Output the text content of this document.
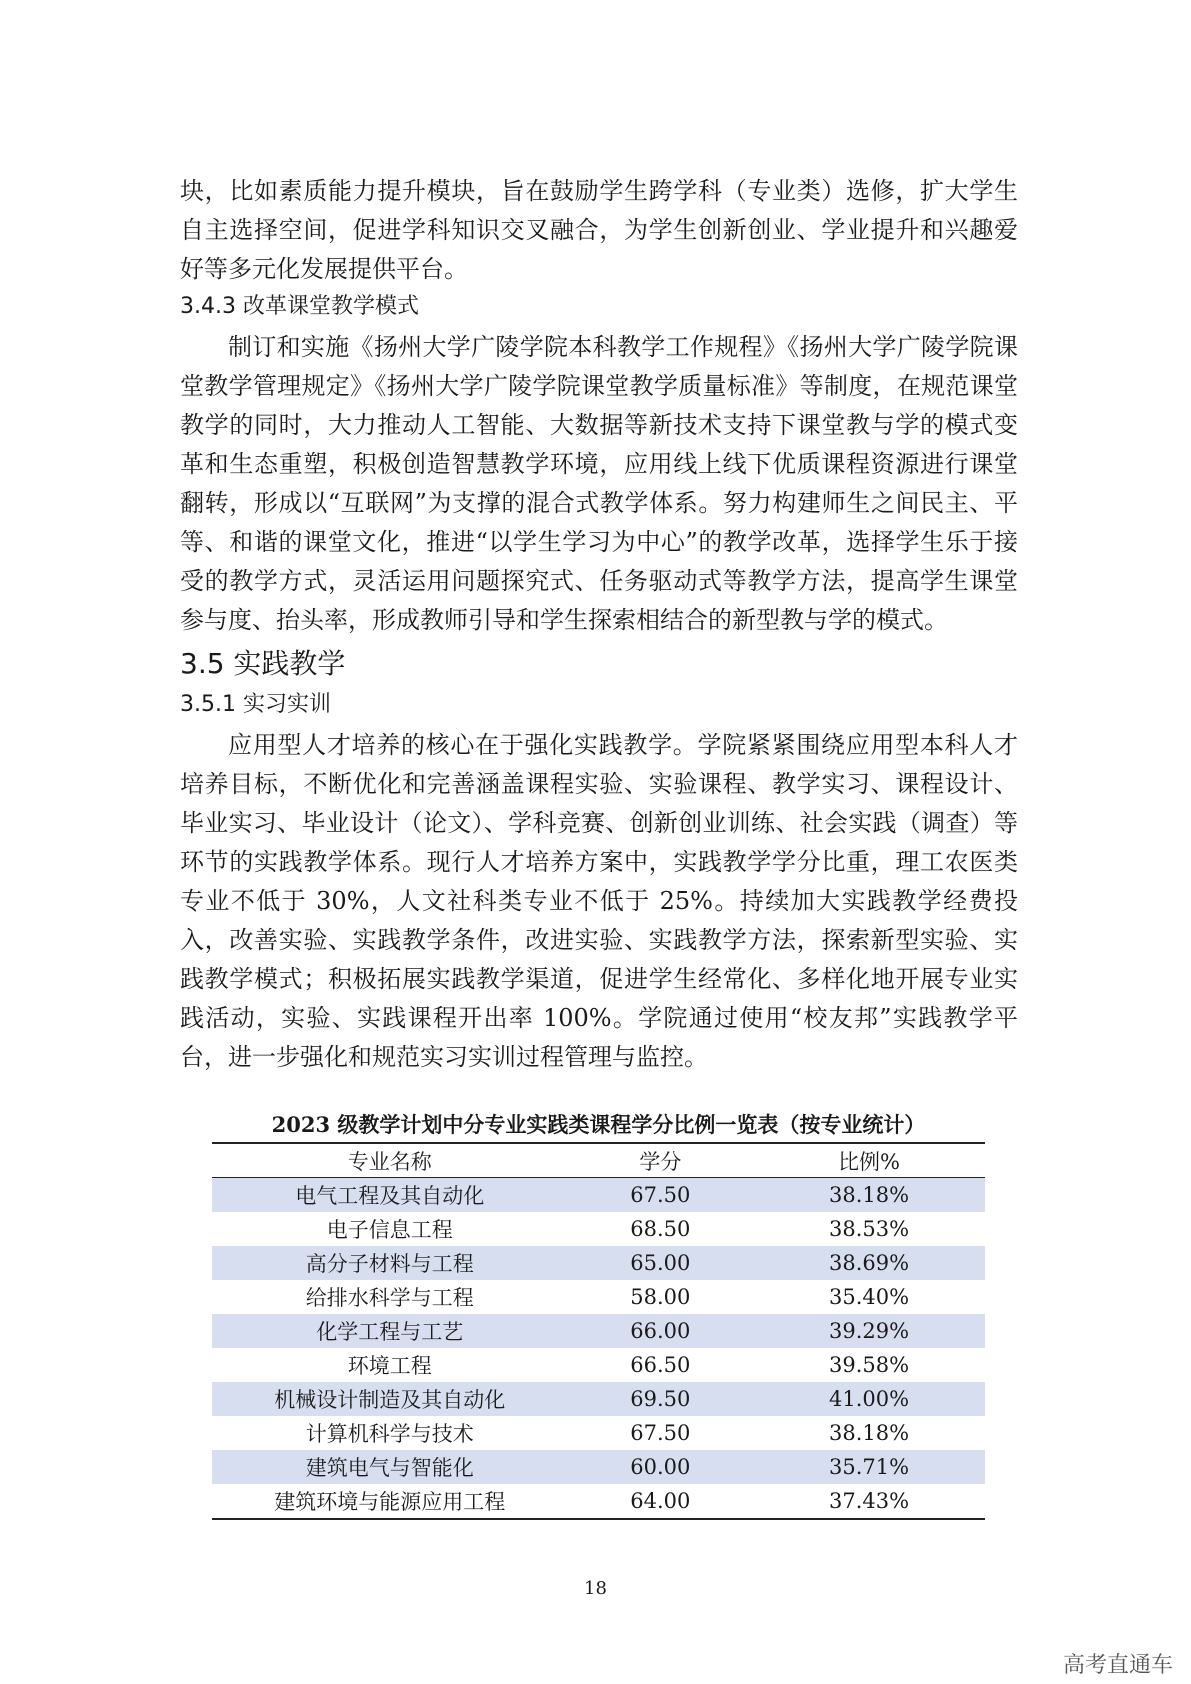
块，比如素质能力提升模块，旨在鼓励学生跨学科（专业类）选修，扩大学生自主选择空间，促进学科知识交叉融合，为学生创新创业、学业提升和兴趣爱好等多元化发展提供平台。

3.4.3 改革课堂教学模式

制订和实施《扬州大学广陵学院本科教学工作规程》《扬州大学广陵学院课堂教学管理规定》《扬州大学广陵学院课堂教学质量标准》等制度，在规范课堂教学的同时，大力推动人工智能、大数据等新技术支持下课堂教与学的模式变革和生态重塑，积极创造智慧教学环境，应用线上线下优质课程资源进行课堂翻转，形成以“互联网”为支撑的混合式教学体系。努力构建师生之间民主、平等、和谐的课堂文化，推进“以学生学习为中心”的教学改革，选择学生乐于接受的教学方式，灵活运用问题探究式、任务驱动式等教学方法，提高学生课堂参与度、抬头率，形成教师引导和学生探索相结合的新型教与学的模式。

3.5 实践教学
3.5.1 实习实训

应用型人才培养的核心在于强化实践教学。学院紧紧围绕应用型本科人才培养目标，不断优化和完善涵盖课程实验、实验课程、教学实习、课程设计、毕业实习、毕业设计（论文）、学科竞赛、创新创业训练、社会实践（调查）等环节的实践教学体系。现行人才培养方案中，实践教学学分比重，理工农医类专业不低于 30%，人文社科类专业不低于 25%。持续加大实践教学经费投入，改善实验、实践教学条件，改进实验、实践教学方法，探索新型实验、实践教学模式；积极拓展实践教学渠道，促进学生经常化、多样化地开展专业实践活动，实验、实践课程开出率 100%。学院通过使用“校友邦”实践教学平台，进一步强化和规范实习实训过程管理与监控。

2023 级教学计划中分专业实践类课程学分比例一览表（按专业统计）
专业名称	学分	比例%
电气工程及其自动化	67.50	38.18%
电子信息工程	68.50	38.53%
高分子材料与工程	65.00	38.69%
给排水科学与工程	58.00	35.40%
化学工程与工艺	66.00	39.29%
环境工程	66.50	39.58%
机械设计制造及其自动化	69.50	41.00%
计算机科学与技术	67.50	38.18%
建筑电气与智能化	60.00	35.71%
建筑环境与能源应用工程	64.00	37.43%
18
高考直通车
